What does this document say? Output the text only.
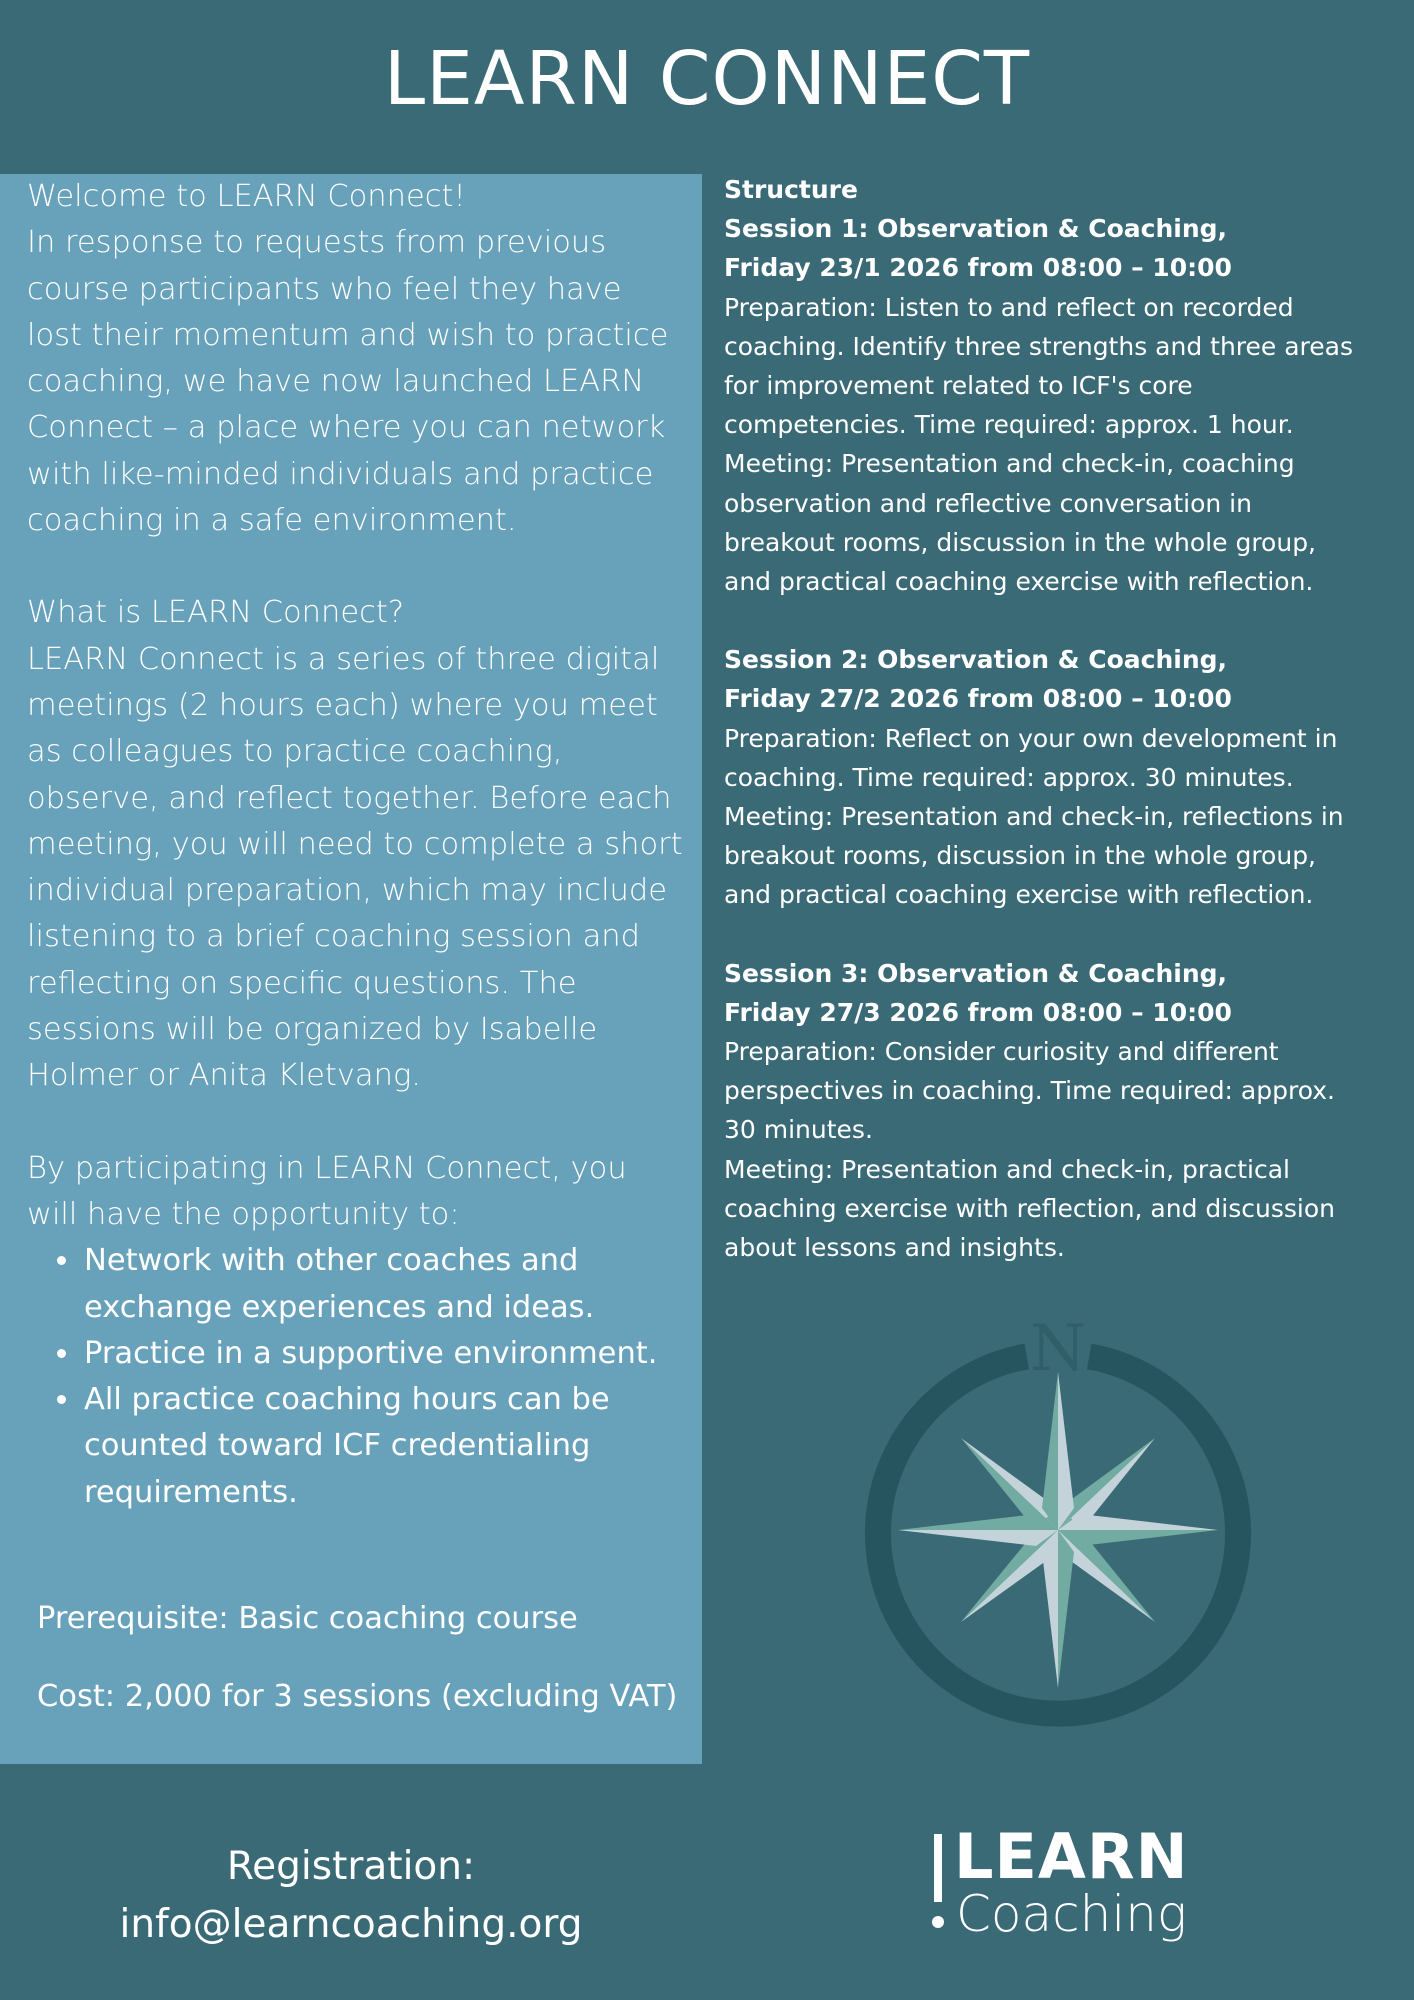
LEARN CONNECT

Welcome to LEARN Connect!

In response to requests from previous course participants who feel they have lost their momentum and wish to practice coaching, we have now launched LEARN Connect – a place where you can network with like-minded individuals and practice coaching in a safe environment.

What is LEARN Connect?

LEARN Connect is a series of three digital meetings (2 hours each) where you meet as colleagues to practice coaching, observe, and reflect together. Before each meeting, you will need to complete a short individual preparation, which may include listening to a brief coaching session and reflecting on specific questions. The sessions will be organized by Isabelle Holmer or Anita Kletvang.

By participating in LEARN Connect, you will have the opportunity to:

• Network with other coaches and exchange experiences and ideas.
• Practice in a supportive environment.
• All practice coaching hours can be counted toward ICF credentialing requirements.
Prerequisite: Basic coaching course
Cost: 2,000 for 3 sessions (excluding VAT)
Structure
Session 1: Observation & Coaching,
Friday 23/1 2026 from 08:00 – 10:00
Preparation: Listen to and reflect on recorded
coaching. Identify three strengths and three areas
for improvement related to ICF's core
competencies. Time required: approx. 1 hour.
Meeting: Presentation and check-in, coaching
observation and reflective conversation in
breakout rooms, discussion in the whole group,
and practical coaching exercise with reflection.
Session 2: Observation & Coaching,
Friday 27/2 2026 from 08:00 – 10:00
Preparation: Reflect on your own development in
coaching. Time required: approx. 30 minutes.
Meeting: Presentation and check-in, reflections in
breakout rooms, discussion in the whole group,
and practical coaching exercise with reflection.
Session 3: Observation & Coaching,
Friday 27/3 2026 from 08:00 – 10:00
Preparation: Consider curiosity and different
perspectives in coaching. Time required: approx.
30 minutes.
Meeting: Presentation and check-in, practical
coaching exercise with reflection, and discussion
about lessons and insights.
N
Registration:
info@learncoaching.org
LEARN
Coaching
